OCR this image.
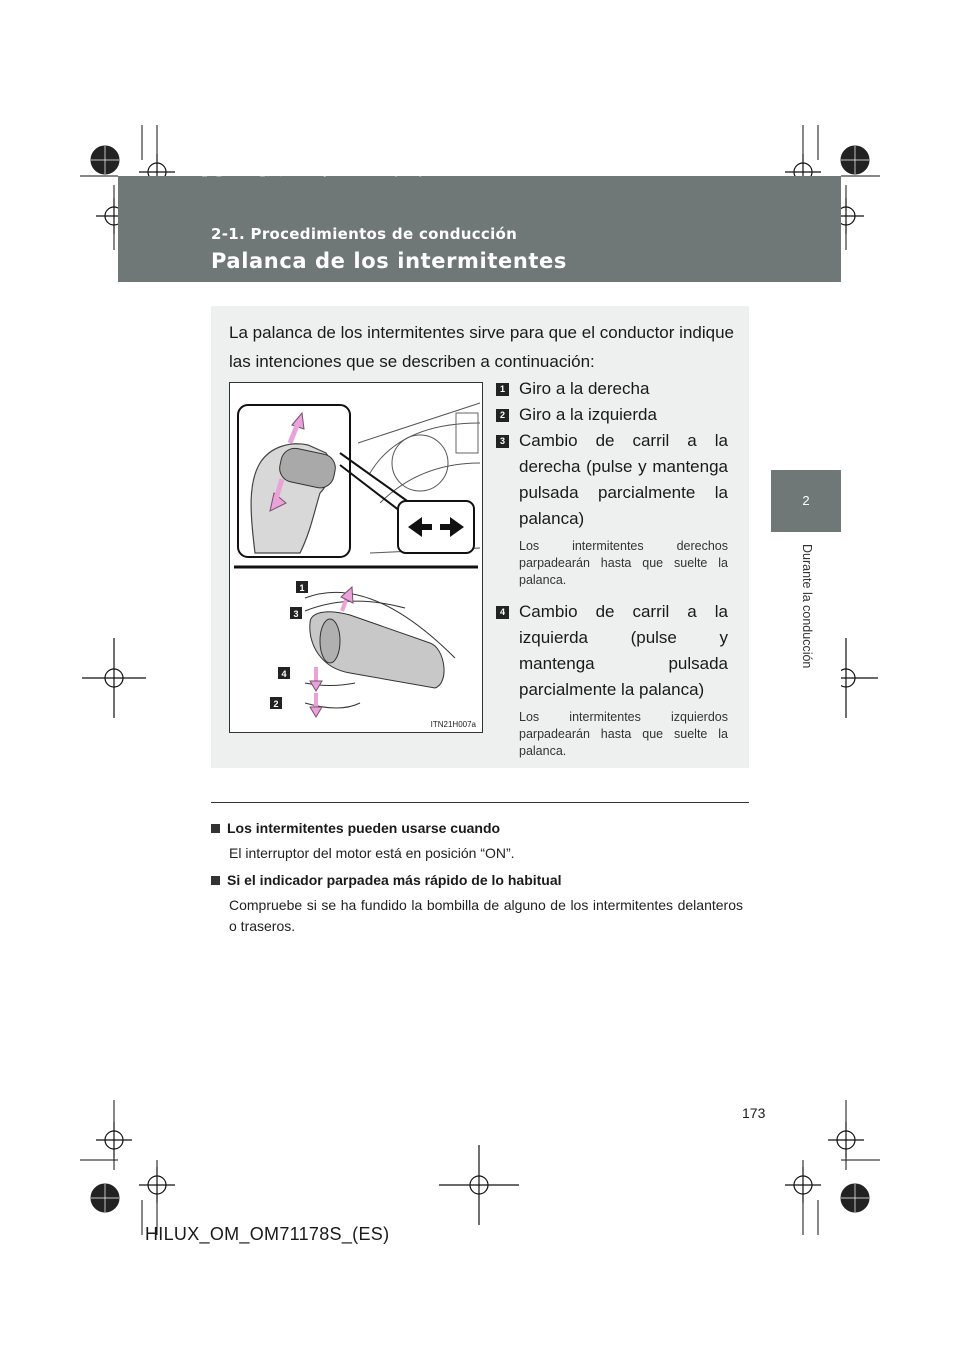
HILUX_OM_OM71178S_(ES).book Page 173 Wednesday, May 16, 2012 3:09 PM
2-1. Procedimientos de conducción
Palanca de los intermitentes
2
Durante la conducción

La palanca de los intermitentes sirve para que el conductor indique las intenciones que se describen a continuación:

1
3
4
2
ITN21H007a
1 Giro a la derecha
2 Giro a la izquierda
3 Cambio de carril a la derecha (pulse y mantenga pulsada parcialmente la palanca)
Los intermitentes derechos parpadearán hasta que suelte la palanca.
4 Cambio de carril a la izquierda (pulse y mantenga pulsada parcialmente la palanca)
Los intermitentes izquierdos parpadearán hasta que suelte la palanca.
Los intermitentes pueden usarse cuando

El interruptor del motor está en posición “ON”.

Si el indicador parpadea más rápido de lo habitual

Compruebe si se ha fundido la bombilla de alguno de los intermitentes delanteros o traseros.

173
HILUX_OM_OM71178S_(ES)
